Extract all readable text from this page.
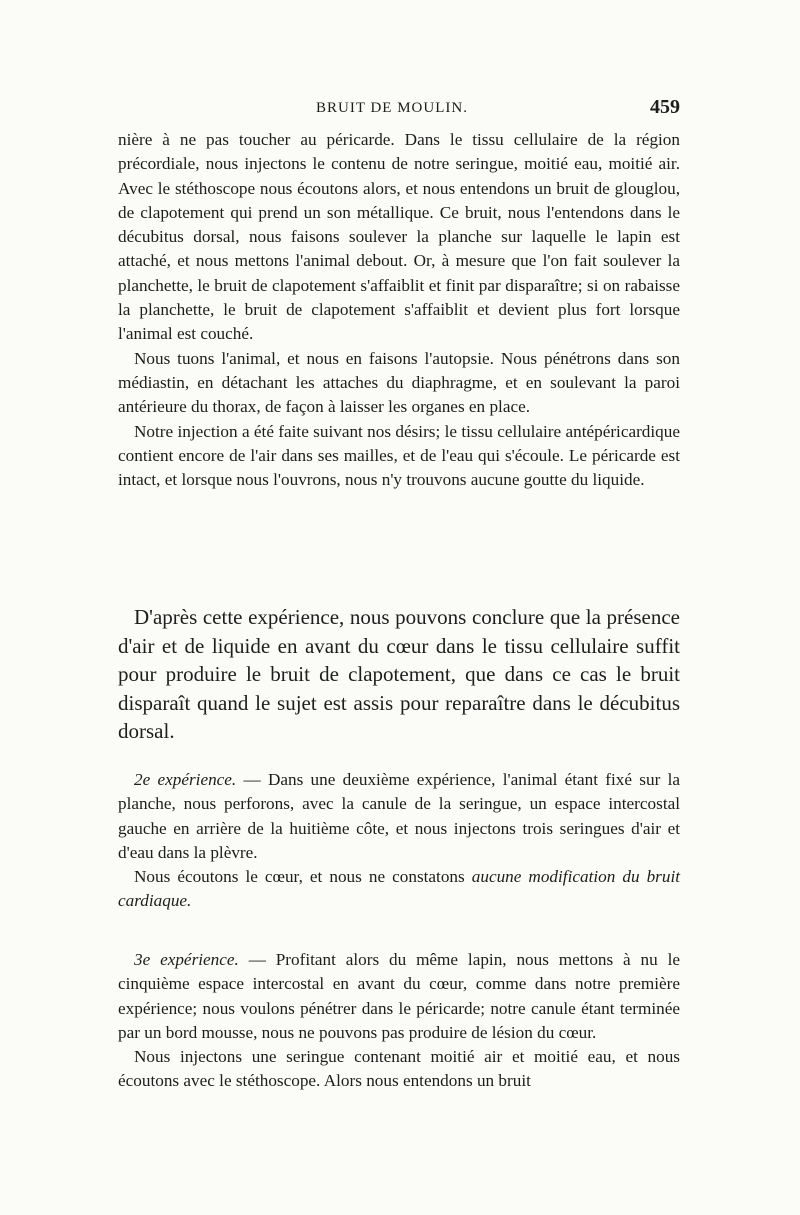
BRUIT DE MOULIN.	459

nière à ne pas toucher au péricarde. Dans le tissu cellulaire de la région précordiale, nous injectons le contenu de notre seringue, moitié eau, moitié air. Avec le stéthoscope nous écoutons alors, et nous entendons un bruit de glouglou, de clapotement qui prend un son métallique. Ce bruit, nous l'entendons dans le décubitus dorsal, nous faisons soulever la planche sur laquelle le lapin est attaché, et nous mettons l'animal debout. Or, à mesure que l'on fait soulever la planchette, le bruit de clapotement s'affaiblit et finit par disparaître; si on rabaisse la planchette, le bruit de clapotement s'affaiblit et devient plus fort lorsque l'animal est couché.

Nous tuons l'animal, et nous en faisons l'autopsie. Nous pénétrons dans son médiastin, en détachant les attaches du diaphragme, et en soulevant la paroi antérieure du thorax, de façon à laisser les organes en place.

Notre injection a été faite suivant nos désirs; le tissu cellulaire antépéricardique contient encore de l'air dans ses mailles, et de l'eau qui s'écoule. Le péricarde est intact, et lorsque nous l'ouvrons, nous n'y trouvons aucune goutte du liquide.

D'après cette expérience, nous pouvons conclure que la présence d'air et de liquide en avant du cœur dans le tissu cellulaire suffit pour produire le bruit de clapotement, que dans ce cas le bruit disparaît quand le sujet est assis pour reparaître dans le décubitus dorsal.

2e expérience. — Dans une deuxième expérience, l'animal étant fixé sur la planche, nous perforons, avec la canule de la seringue, un espace intercostal gauche en arrière de la huitième côte, et nous injectons trois seringues d'air et d'eau dans la plèvre.

Nous écoutons le cœur, et nous ne constatons aucune modification du bruit cardiaque.

3e expérience. — Profitant alors du même lapin, nous mettons à nu le cinquième espace intercostal en avant du cœur, comme dans notre première expérience; nous voulons pénétrer dans le péricarde; notre canule étant terminée par un bord mousse, nous ne pouvons pas produire de lésion du cœur.

Nous injectons une seringue contenant moitié air et moitié eau, et nous écoutons avec le stéthoscope. Alors nous entendons un bruit
